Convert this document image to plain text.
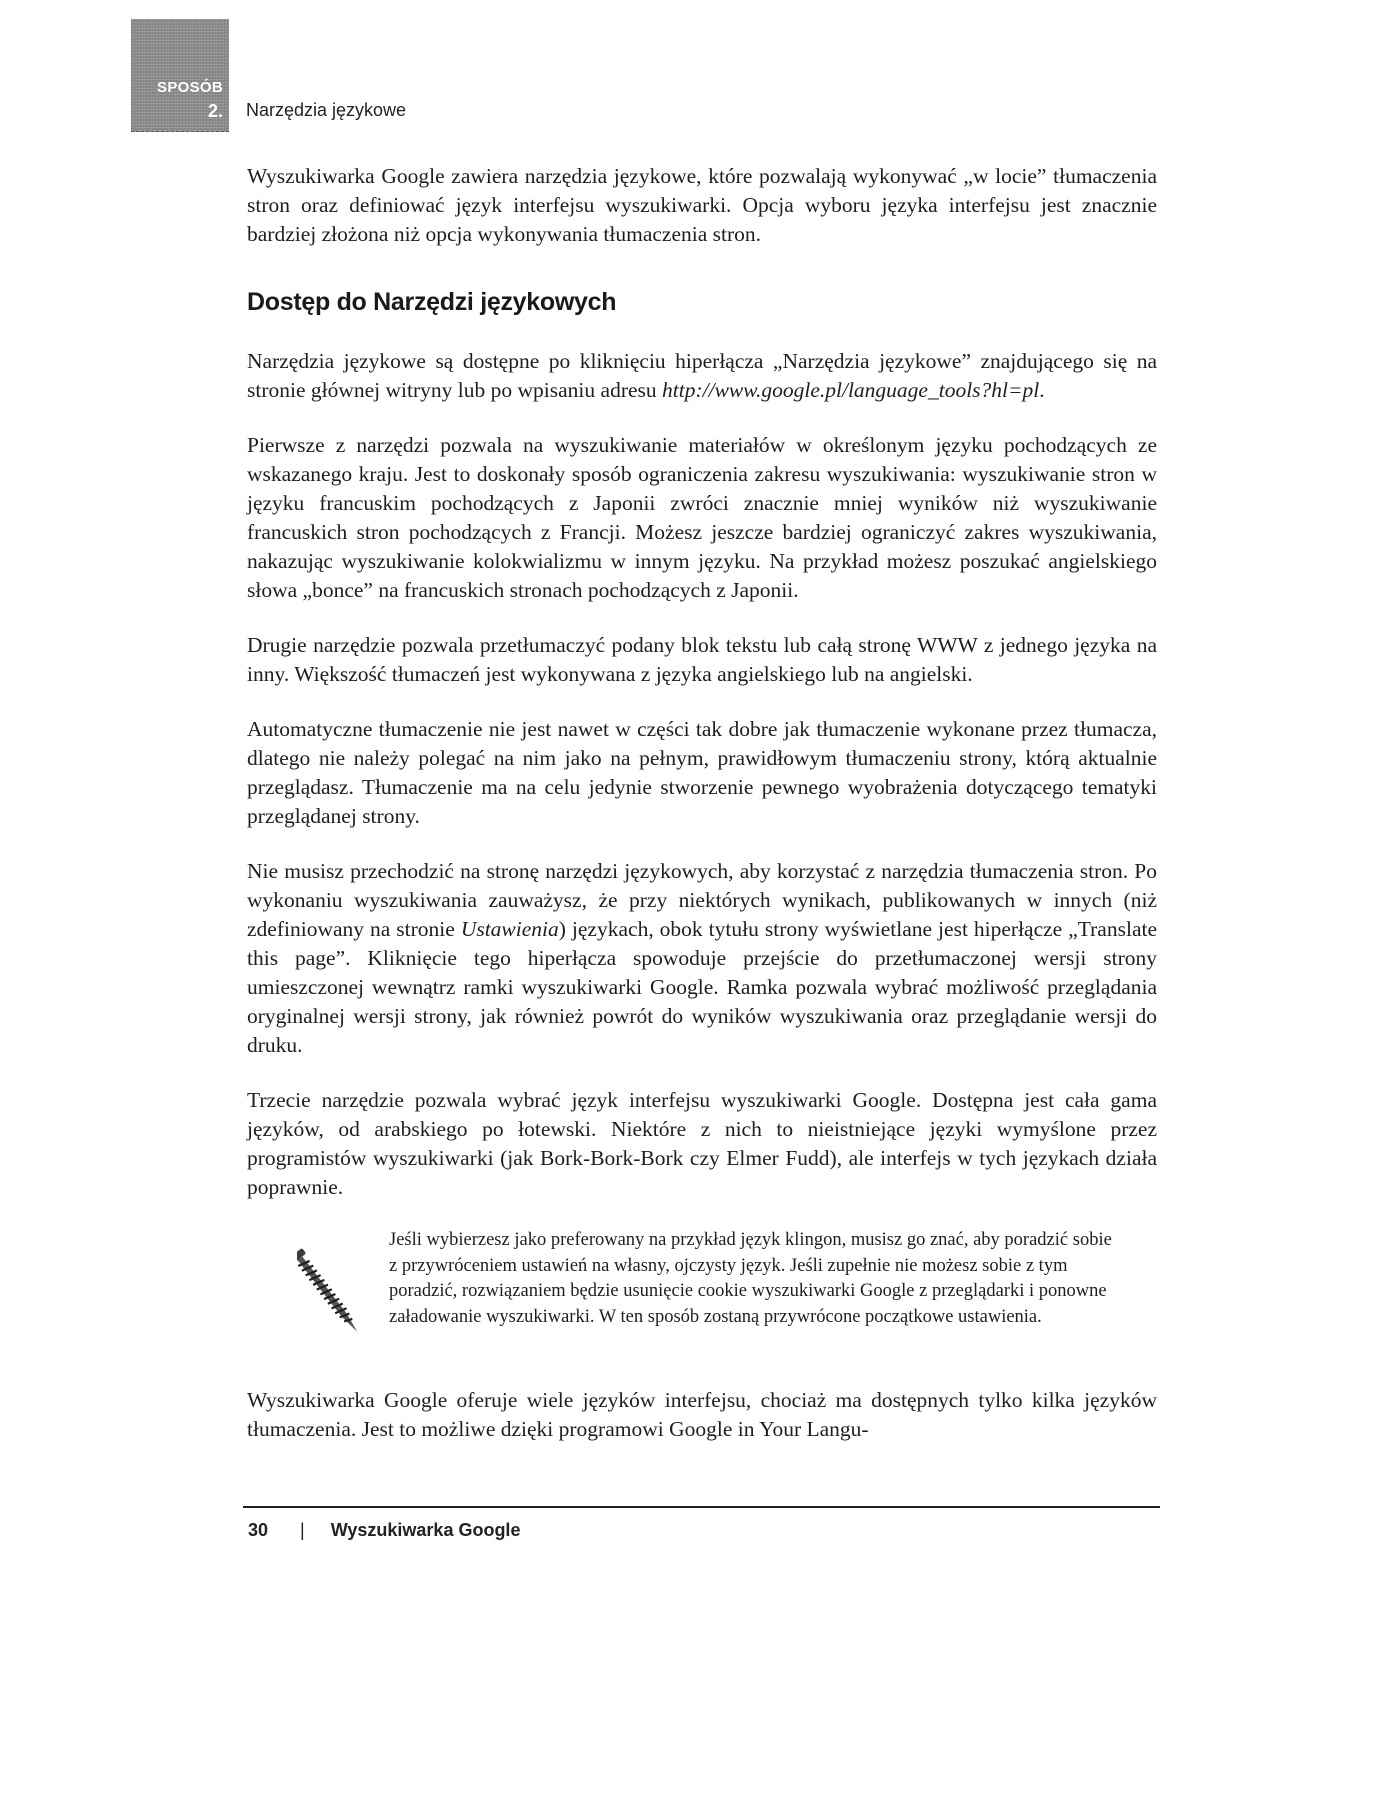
SPOSÓB
2. Narzędzia językowe

Wyszukiwarka Google zawiera narzędzia językowe, które pozwalają wykonywać „w locie” tłumaczenia stron oraz definiować język interfejsu wyszukiwarki. Opcja wyboru języka interfejsu jest znacznie bardziej złożona niż opcja wykonywania tłumaczenia stron.

Dostęp do Narzędzi językowych

Narzędzia językowe są dostępne po kliknięciu hiperłącza „Narzędzia językowe” znajdującego się na stronie głównej witryny lub po wpisaniu adresu http://www.google.pl/language_tools?hl=pl.

Pierwsze z narzędzi pozwala na wyszukiwanie materiałów w określonym języku pochodzących ze wskazanego kraju. Jest to doskonały sposób ograniczenia zakresu wyszukiwania: wyszukiwanie stron w języku francuskim pochodzących z Japonii zwróci znacznie mniej wyników niż wyszukiwanie francuskich stron pochodzących z Francji. Możesz jeszcze bardziej ograniczyć zakres wyszukiwania, nakazując wyszukiwanie kolokwializmu w innym języku. Na przykład możesz poszukać angielskiego słowa „bonce” na francuskich stronach pochodzących z Japonii.

Drugie narzędzie pozwala przetłumaczyć podany blok tekstu lub całą stronę WWW z jednego języka na inny. Większość tłumaczeń jest wykonywana z języka angielskiego lub na angielski.

Automatyczne tłumaczenie nie jest nawet w części tak dobre jak tłumaczenie wykonane przez tłumacza, dlatego nie należy polegać na nim jako na pełnym, prawidłowym tłumaczeniu strony, którą aktualnie przeglądasz. Tłumaczenie ma na celu jedynie stworzenie pewnego wyobrażenia dotyczącego tematyki przeglądanej strony.

Nie musisz przechodzić na stronę narzędzi językowych, aby korzystać z narzędzia tłumaczenia stron. Po wykonaniu wyszukiwania zauważysz, że przy niektórych wynikach, publikowanych w innych (niż zdefiniowany na stronie Ustawienia) językach, obok tytułu strony wyświetlane jest hiperłącze „Translate this page”. Kliknięcie tego hiperłącza spowoduje przejście do przetłumaczonej wersji strony umieszczonej wewnątrz ramki wyszukiwarki Google. Ramka pozwala wybrać możliwość przeglądania oryginalnej wersji strony, jak również powrót do wyników wyszukiwania oraz przeglądanie wersji do druku.

Trzecie narzędzie pozwala wybrać język interfejsu wyszukiwarki Google. Dostępna jest cała gama języków, od arabskiego po łotewski. Niektóre z nich to nieistniejące języki wymyślone przez programistów wyszukiwarki (jak Bork-Bork-Bork czy Elmer Fudd), ale interfejs w tych językach działa poprawnie.

Jeśli wybierzesz jako preferowany na przykład język klingon, musisz go znać, aby poradzić sobie z przywróceniem ustawień na własny, ojczysty język. Jeśli zupełnie nie możesz sobie z tym poradzić, rozwiązaniem będzie usunięcie cookie wyszukiwarki Google z przeglądarki i ponowne załadowanie wyszukiwarki. W ten sposób zostaną przywrócone początkowe ustawienia.

Wyszukiwarka Google oferuje wiele języków interfejsu, chociaż ma dostępnych tylko kilka języków tłumaczenia. Jest to możliwe dzięki programowi Google in Your Langu-

30 | Wyszukiwarka Google
